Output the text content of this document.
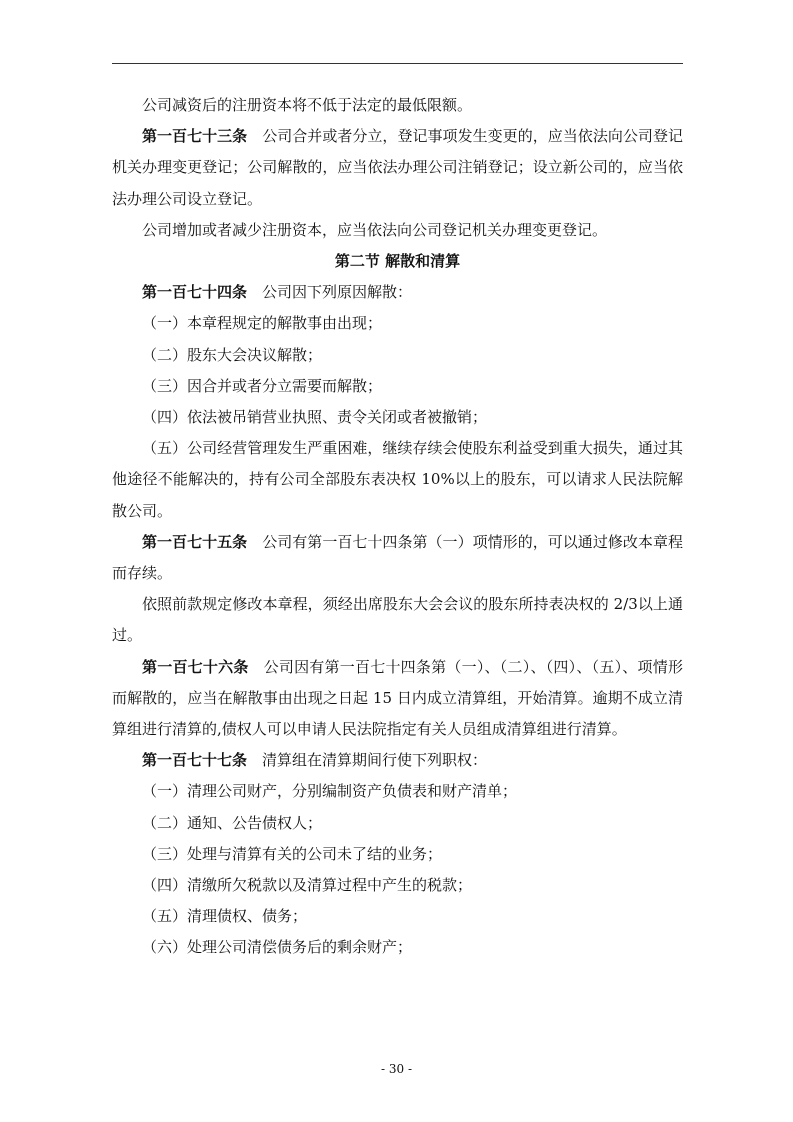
公司减资后的注册资本将不低于法定的最低限额。

第一百七十三条 公司合并或者分立，登记事项发生变更的，应当依法向公司登记机关办理变更登记；公司解散的，应当依法办理公司注销登记；设立新公司的，应当依法办理公司设立登记。

公司增加或者减少注册资本，应当依法向公司登记机关办理变更登记。

第二节 解散和清算

第一百七十四条 公司因下列原因解散：

（一）本章程规定的解散事由出现；

（二）股东大会决议解散；

（三）因合并或者分立需要而解散；

（四）依法被吊销营业执照、责令关闭或者被撤销；

（五）公司经营管理发生严重困难，继续存续会使股东利益受到重大损失，通过其他途径不能解决的，持有公司全部股东表决权 10%以上的股东，可以请求人民法院解散公司。

第一百七十五条 公司有第一百七十四条第（一）项情形的，可以通过修改本章程而存续。

依照前款规定修改本章程，须经出席股东大会会议的股东所持表决权的 2/3以上通过。

第一百七十六条 公司因有第一百七十四条第（一）、（二）、（四）、（五）、项情形而解散的，应当在解散事由出现之日起 15 日内成立清算组，开始清算。逾期不成立清算组进行清算的,债权人可以申请人民法院指定有关人员组成清算组进行清算。

第一百七十七条 清算组在清算期间行使下列职权：

（一）清理公司财产，分别编制资产负债表和财产清单；

（二）通知、公告债权人；

（三）处理与清算有关的公司未了结的业务；

（四）清缴所欠税款以及清算过程中产生的税款；

（五）清理债权、债务；

（六）处理公司清偿债务后的剩余财产；

- 30 -
